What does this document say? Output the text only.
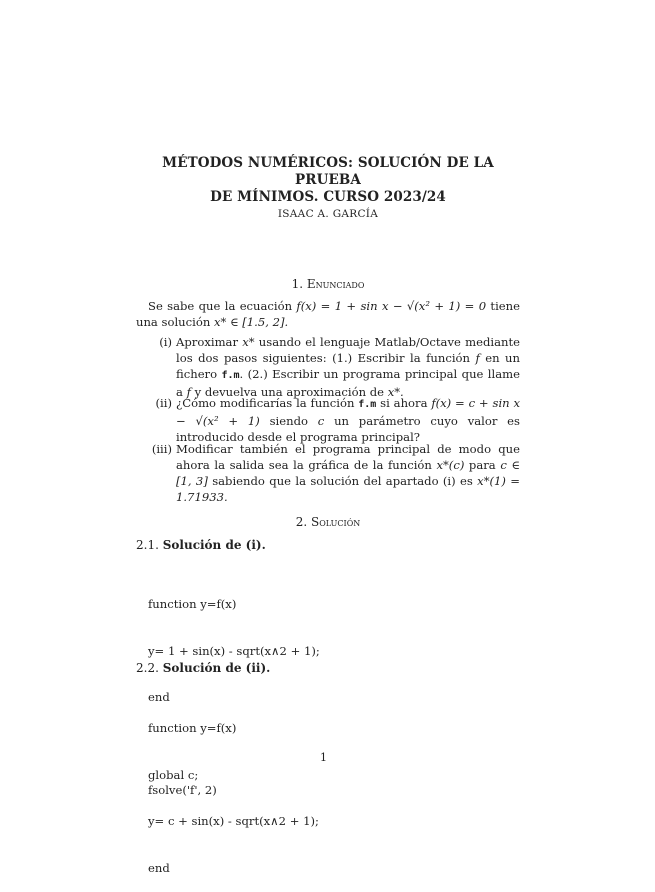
MÉTODOS NUMÉRICOS: SOLUCIÓN DE LA PRUEBA
DE MÍNIMOS. CURSO 2023/24
ISAAC A. GARCÍA
1. Enunciado
Se sabe que la ecuación f(x) = 1 + sin x − √(x² + 1) = 0 tiene una solución x* ∈ [1.5, 2].
(i) Aproximar x* usando el lenguaje Matlab/Octave mediante los dos pasos siguientes: (1.) Escribir la función f en un fichero f.m. (2.) Escribir un programa principal que llame a f y devuelva una aproximación de x*.
(ii) ¿Cómo modificarías la función f.m si ahora f(x) = c + sin x − √(x² + 1) siendo c un parámetro cuyo valor es introducido desde el programa principal?
(iii) Modificar también el programa principal de modo que ahora la salida sea la gráfica de la función x*(c) para c ∈ [1, 3] sabiendo que la solución del apartado (i) es x*(1) = 1.71933.
2. Solución
2.1. Solución de (i).

function y=f(x)

y= 1 + sin(x) - sqrt(x∧2 + 1);

end

fsolve('f', 2)

2.2. Solución de (ii).

function y=f(x)

global c;

y= c + sin(x) - sqrt(x∧2 + 1);

end

1
